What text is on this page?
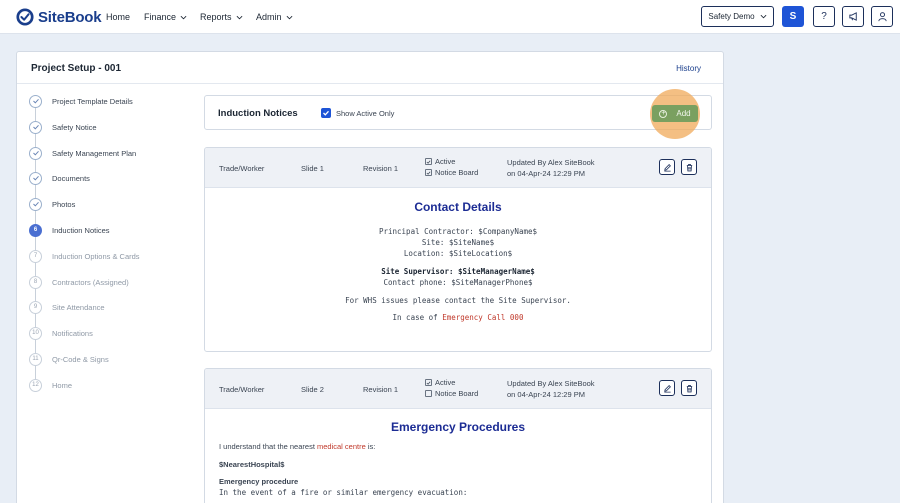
SiteBook Home Finance	Reports	Admin	Safety Demo	S ?
Project Setup - 001	History
Project Template Details
Safety Notice
Safety Management Plan
Documents
Photos
6	Induction Notices
7	Induction Options & Cards
8	Contractors (Assigned)
9	Site Attendance
10	Notifications
11	Qr-Code & Signs
12	Home
Induction Notices	Show Active Only	+ Add
Trade/Worker	Slide 1	Revision 1
Active
Notice Board
Updated By Alex SiteBook
on 04-Apr-24 12:29 PM
Contact Details
Principal Contractor: $CompanyName$
Site: $SiteName$
Location: $SiteLocation$
Site Supervisor: $SiteManagerName$
Contact phone: $SiteManagerPhone$
For WHS issues please contact the Site Supervisor.
In case of Emergency Call 000
Trade/Worker	Slide 2	Revision 1
Active
Notice Board
Updated By Alex SiteBook
on 04-Apr-24 12:29 PM
Emergency Procedures
I understand that the nearest medical centre is:
$NearestHospital$
Emergency procedure
In the event of a fire or similar emergency evacuation:
